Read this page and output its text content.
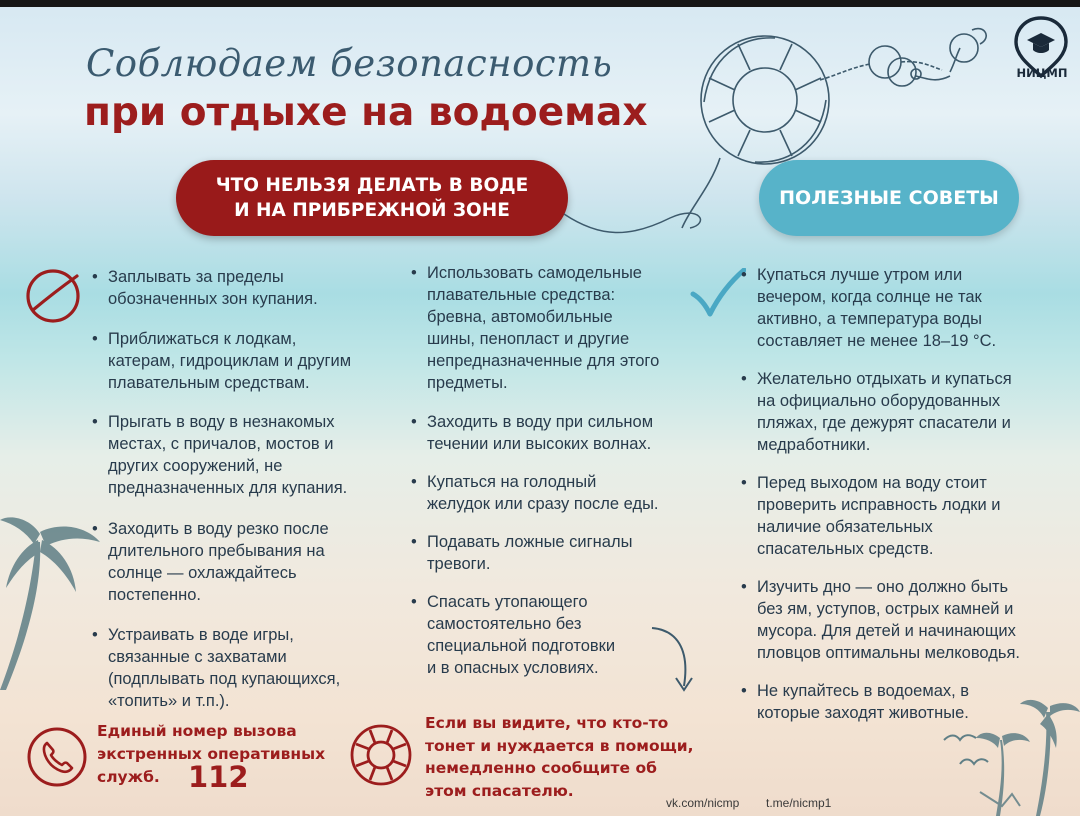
НИЦМП
Соблюдаем безопасность
при отдыхе на водоемах
ЧТО НЕЛЬЗЯ ДЕЛАТЬ В ВОДЕ
И НА ПРИБРЕЖНОЙ ЗОНЕ
ПОЛЕЗНЫЕ СОВЕТЫ
• Заплывать за пределы
обозначенных зон купания.
• Приближаться к лодкам,
катерам, гидроциклам и другим
плавательным средствам.
• Прыгать в воду в незнакомых
местах, с причалов, мостов и
других сооружений, не
предназначенных для купания.
• Заходить в воду резко после
длительного пребывания на
солнце — охлаждайтесь
постепенно.
• Устраивать в воде игры,
связанные с захватами
(подплывать под купающихся,
«топить» и т.п.).
• Использовать самодельные
плавательные средства:
бревна, автомобильные
шины, пенопласт и другие
непредназначенные для этого
предметы.
• Заходить в воду при сильном
течении или высоких волнах.
• Купаться на голодный
желудок или сразу после еды.
• Подавать ложные сигналы
тревоги.
• Спасать утопающего
самостоятельно без
специальной подготовки
и в опасных условиях.
• Купаться лучше утром или
вечером, когда солнце не так
активно, а температура воды
составляет не менее 18–19 °С.
• Желательно отдыхать и купаться
на официально оборудованных
пляжах, где дежурят спасатели и
медработники.
• Перед выходом на воду стоит
проверить исправность лодки и
наличие обязательных
спасательных средств.
• Изучить дно — оно должно быть
без ям, уступов, острых камней и
мусора. Для детей и начинающих
пловцов оптимальны мелководья.
• Не купайтесь в водоемах, в
которые заходят животные.
Единый номер вызова
экстренных оперативных
служб. 112
Если вы видите, что кто-то
тонет и нуждается в помощи,
немедленно сообщите об
этом спасателю.
vk.com/nicmp t.me/nicmp1
